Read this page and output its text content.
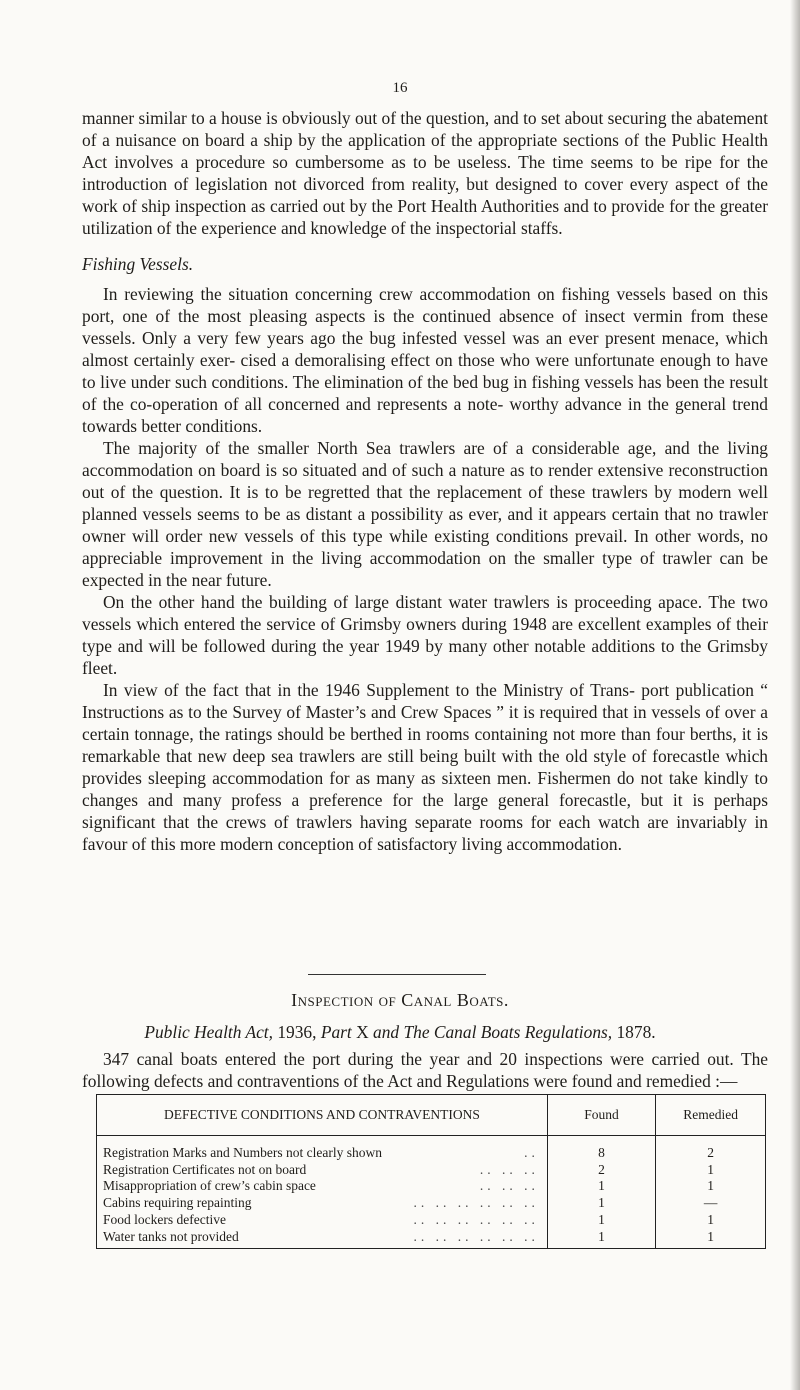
16

manner similar to a house is obviously out of the question, and to set about securing the abatement of a nuisance on board a ship by the application of the appropriate sections of the Public Health Act involves a procedure so cumbersome as to be useless. The time seems to be ripe for the introduction of legislation not divorced from reality, but designed to cover every aspect of the work of ship inspection as carried out by the Port Health Authorities and to provide for the greater utilization of the experience and knowledge of the inspectorial staffs.

Fishing Vessels.

In reviewing the situation concerning crew accommodation on fishing vessels based on this port, one of the most pleasing aspects is the continued absence of insect vermin from these vessels. Only a very few years ago the bug infested vessel was an ever present menace, which almost certainly exer- cised a demoralising effect on those who were unfortunate enough to have to live under such conditions. The elimination of the bed bug in fishing vessels has been the result of the co-operation of all concerned and represents a note- worthy advance in the general trend towards better conditions.

The majority of the smaller North Sea trawlers are of a considerable age, and the living accommodation on board is so situated and of such a nature as to render extensive reconstruction out of the question. It is to be regretted that the replacement of these trawlers by modern well planned vessels seems to be as distant a possibility as ever, and it appears certain that no trawler owner will order new vessels of this type while existing conditions prevail. In other words, no appreciable improvement in the living accommodation on the smaller type of trawler can be expected in the near future.

On the other hand the building of large distant water trawlers is proceeding apace. The two vessels which entered the service of Grimsby owners during 1948 are excellent examples of their type and will be followed during the year 1949 by many other notable additions to the Grimsby fleet.

In view of the fact that in the 1946 Supplement to the Ministry of Trans- port publication “ Instructions as to the Survey of Master’s and Crew Spaces ” it is required that in vessels of over a certain tonnage, the ratings should be berthed in rooms containing not more than four berths, it is remarkable that new deep sea trawlers are still being built with the old style of forecastle which provides sleeping accommodation for as many as sixteen men. Fishermen do not take kindly to changes and many profess a preference for the large general forecastle, but it is perhaps significant that the crews of trawlers having separate rooms for each watch are invariably in favour of this more modern conception of satisfactory living accommodation.

Inspection of Canal Boats.
Public Health Act, 1936, Part X and The Canal Boats Regulations, 1878.

347 canal boats entered the port during the year and 20 inspections were carried out. The following defects and contraventions of the Act and Regulations were found and remedied :—

DEFECTIVE CONDITIONS AND CONTRAVENTIONS	Found	Remedied
Registration Marks and Numbers not clearly shown ..	8	2
Registration Certificates not on board .. .. ..	2	1
Misappropriation of crew’s cabin space .. .. ..	1	1
Cabins requiring repainting .. .. .. .. .. ..	1	—
Food lockers defective .. .. .. .. .. ..	1	1
Water tanks not provided .. .. .. .. .. ..	1	1
